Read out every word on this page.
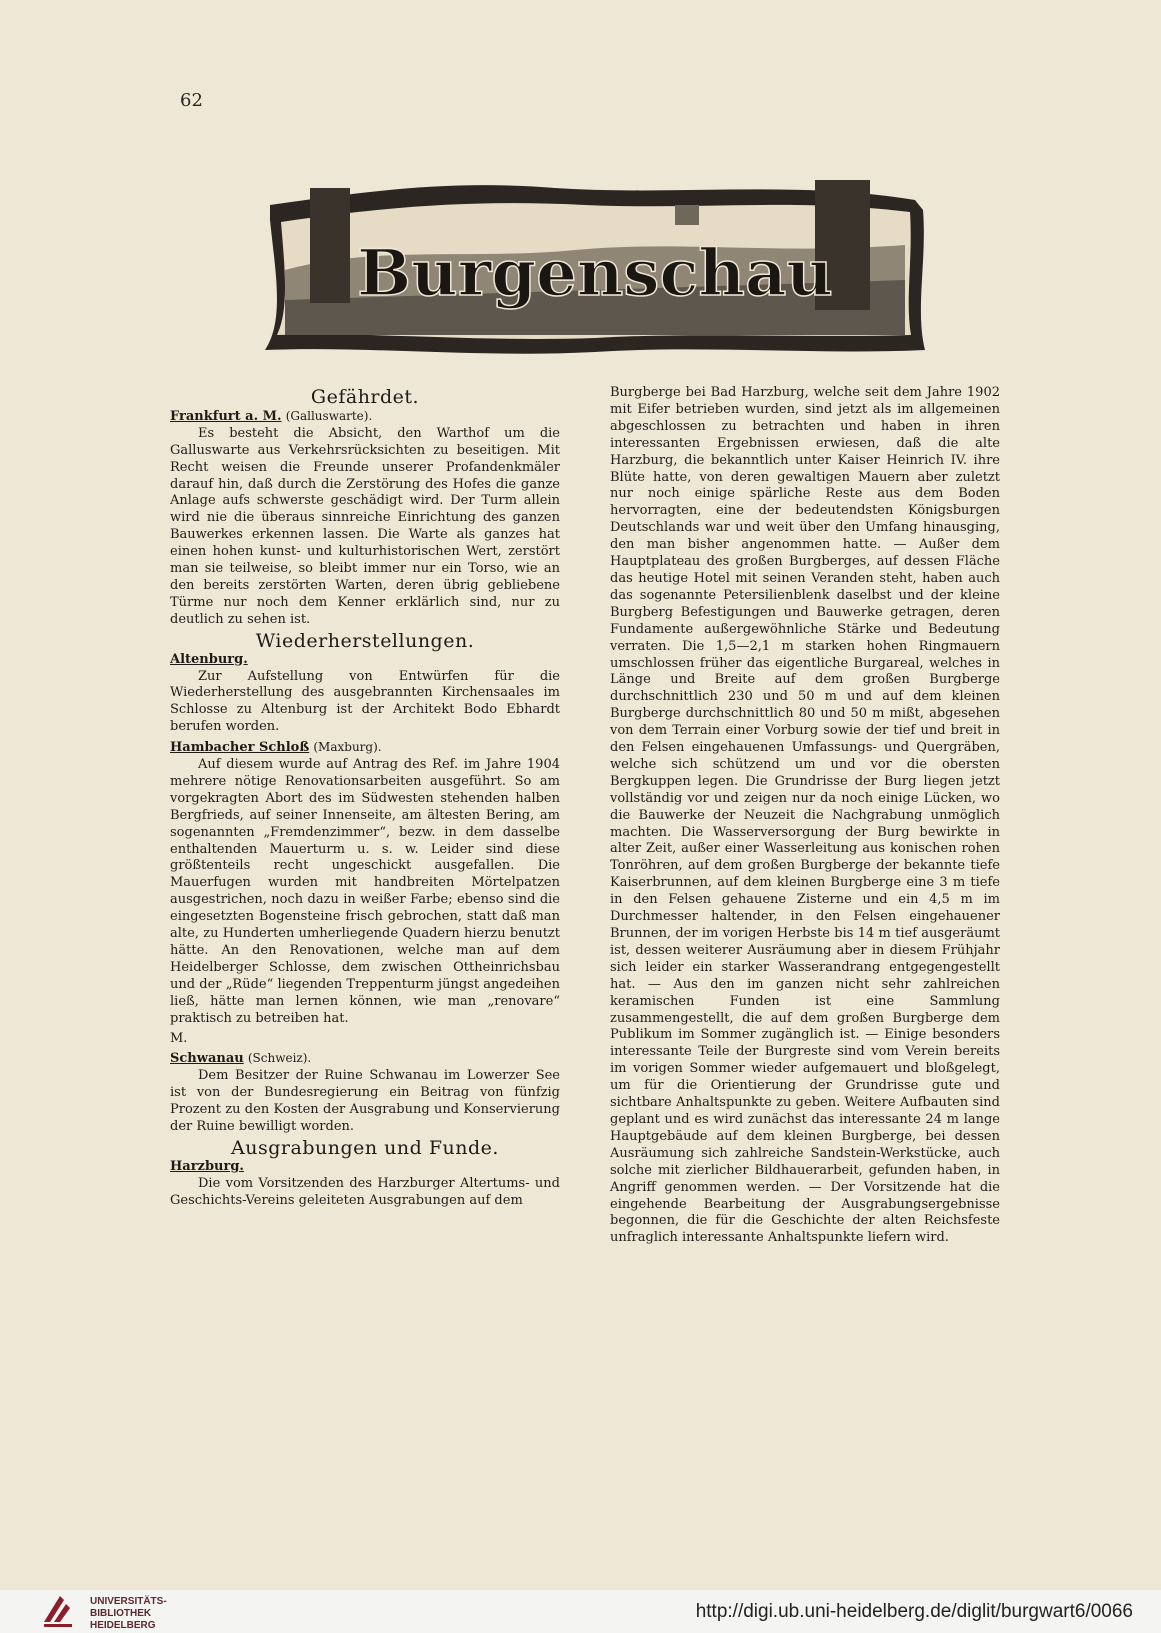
62
Burgenschau
Gefährdet.
Frankfurt a. M. (Galluswarte).

Es besteht die Absicht, den Warthof um die Galluswarte aus Verkehrsrücksichten zu beseitigen. Mit Recht weisen die Freunde unserer Profandenkmäler darauf hin, daß durch die Zerstörung des Hofes die ganze Anlage aufs schwerste geschädigt wird. Der Turm allein wird nie die überaus sinnreiche Einrichtung des ganzen Bauwerkes erkennen lassen. Die Warte als ganzes hat einen hohen kunst- und kulturhistorischen Wert, zerstört man sie teilweise, so bleibt immer nur ein Torso, wie an den bereits zerstörten Warten, deren übrig gebliebene Türme nur noch dem Kenner erklärlich sind, nur zu deutlich zu sehen ist.

Wiederherstellungen.
Altenburg.

Zur Aufstellung von Entwürfen für die Wiederherstellung des ausgebrannten Kirchensaales im Schlosse zu Altenburg ist der Architekt Bodo Ebhardt berufen worden.

Hambacher Schloß (Maxburg).

Auf diesem wurde auf Antrag des Ref. im Jahre 1904 mehrere nötige Renovationsarbeiten ausgeführt. So am vorgekragten Abort des im Südwesten stehenden halben Bergfrieds, auf seiner Innenseite, am ältesten Bering, am sogenannten „Fremdenzimmer“, bezw. in dem dasselbe enthaltenden Mauerturm u. s. w. Leider sind diese größtenteils recht ungeschickt ausgefallen. Die Mauerfugen wurden mit handbreiten Mörtelpatzen ausgestrichen, noch dazu in weißer Farbe; ebenso sind die eingesetzten Bogensteine frisch gebrochen, statt daß man alte, zu Hunderten umherliegende Quadern hierzu benutzt hätte. An den Renovationen, welche man auf dem Heidelberger Schlosse, dem zwischen Ottheinrichsbau und der „Rüde“ liegenden Treppenturm jüngst angedeihen ließ, hätte man lernen können, wie man „renovare“ praktisch zu betreiben hat.

M.

Schwanau (Schweiz).

Dem Besitzer der Ruine Schwanau im Lowerzer See ist von der Bundesregierung ein Beitrag von fünfzig Prozent zu den Kosten der Ausgrabung und Konservierung der Ruine bewilligt worden.

Ausgrabungen und Funde.
Harzburg.

Die vom Vorsitzenden des Harzburger Altertums- und Geschichts-Vereins geleiteten Ausgrabungen auf dem

Burgberge bei Bad Harzburg, welche seit dem Jahre 1902 mit Eifer betrieben wurden, sind jetzt als im allgemeinen abgeschlossen zu betrachten und haben in ihren interessanten Ergebnissen erwiesen, daß die alte Harzburg, die bekanntlich unter Kaiser Heinrich IV. ihre Blüte hatte, von deren gewaltigen Mauern aber zuletzt nur noch einige spärliche Reste aus dem Boden hervorragten, eine der bedeutendsten Königsburgen Deutschlands war und weit über den Umfang hinausging, den man bisher angenommen hatte. — Außer dem Hauptplateau des großen Burgberges, auf dessen Fläche das heutige Hotel mit seinen Veranden steht, haben auch das sogenannte Petersilienblenk daselbst und der kleine Burgberg Befestigungen und Bauwerke getragen, deren Fundamente außergewöhnliche Stärke und Bedeutung verraten. Die 1,5—2,1 m starken hohen Ringmauern umschlossen früher das eigentliche Burgareal, welches in Länge und Breite auf dem großen Burgberge durchschnittlich 230 und 50 m und auf dem kleinen Burgberge durchschnittlich 80 und 50 m mißt, abgesehen von dem Terrain einer Vorburg sowie der tief und breit in den Felsen eingehauenen Umfassungs- und Quergräben, welche sich schützend um und vor die obersten Bergkuppen legen. Die Grundrisse der Burg liegen jetzt vollständig vor und zeigen nur da noch einige Lücken, wo die Bauwerke der Neuzeit die Nachgrabung unmöglich machten. Die Wasserversorgung der Burg bewirkte in alter Zeit, außer einer Wasserleitung aus konischen rohen Tonröhren, auf dem großen Burgberge der bekannte tiefe Kaiserbrunnen, auf dem kleinen Burgberge eine 3 m tiefe in den Felsen gehauene Zisterne und ein 4,5 m im Durchmesser haltender, in den Felsen eingehauener Brunnen, der im vorigen Herbste bis 14 m tief ausgeräumt ist, dessen weiterer Ausräumung aber in diesem Frühjahr sich leider ein starker Wasserandrang entgegengestellt hat. — Aus den im ganzen nicht sehr zahlreichen keramischen Funden ist eine Sammlung zusammengestellt, die auf dem großen Burgberge dem Publikum im Sommer zugänglich ist. — Einige besonders interessante Teile der Burgreste sind vom Verein bereits im vorigen Sommer wieder aufgemauert und bloßgelegt, um für die Orientierung der Grundrisse gute und sichtbare Anhaltspunkte zu geben. Weitere Aufbauten sind geplant und es wird zunächst das interessante 24 m lange Hauptgebäude auf dem kleinen Burgberge, bei dessen Ausräumung sich zahlreiche Sandstein-Werkstücke, auch solche mit zierlicher Bildhauerarbeit, gefunden haben, in Angriff genommen werden. — Der Vorsitzende hat die eingehende Bearbeitung der Ausgrabungsergebnisse begonnen, die für die Geschichte der alten Reichsfeste unfraglich interessante Anhaltspunkte liefern wird.

UNIVERSITÄTS-
BIBLIOTHEK
HEIDELBERG
http://digi.ub.uni-heidelberg.de/diglit/burgwart6/0066
